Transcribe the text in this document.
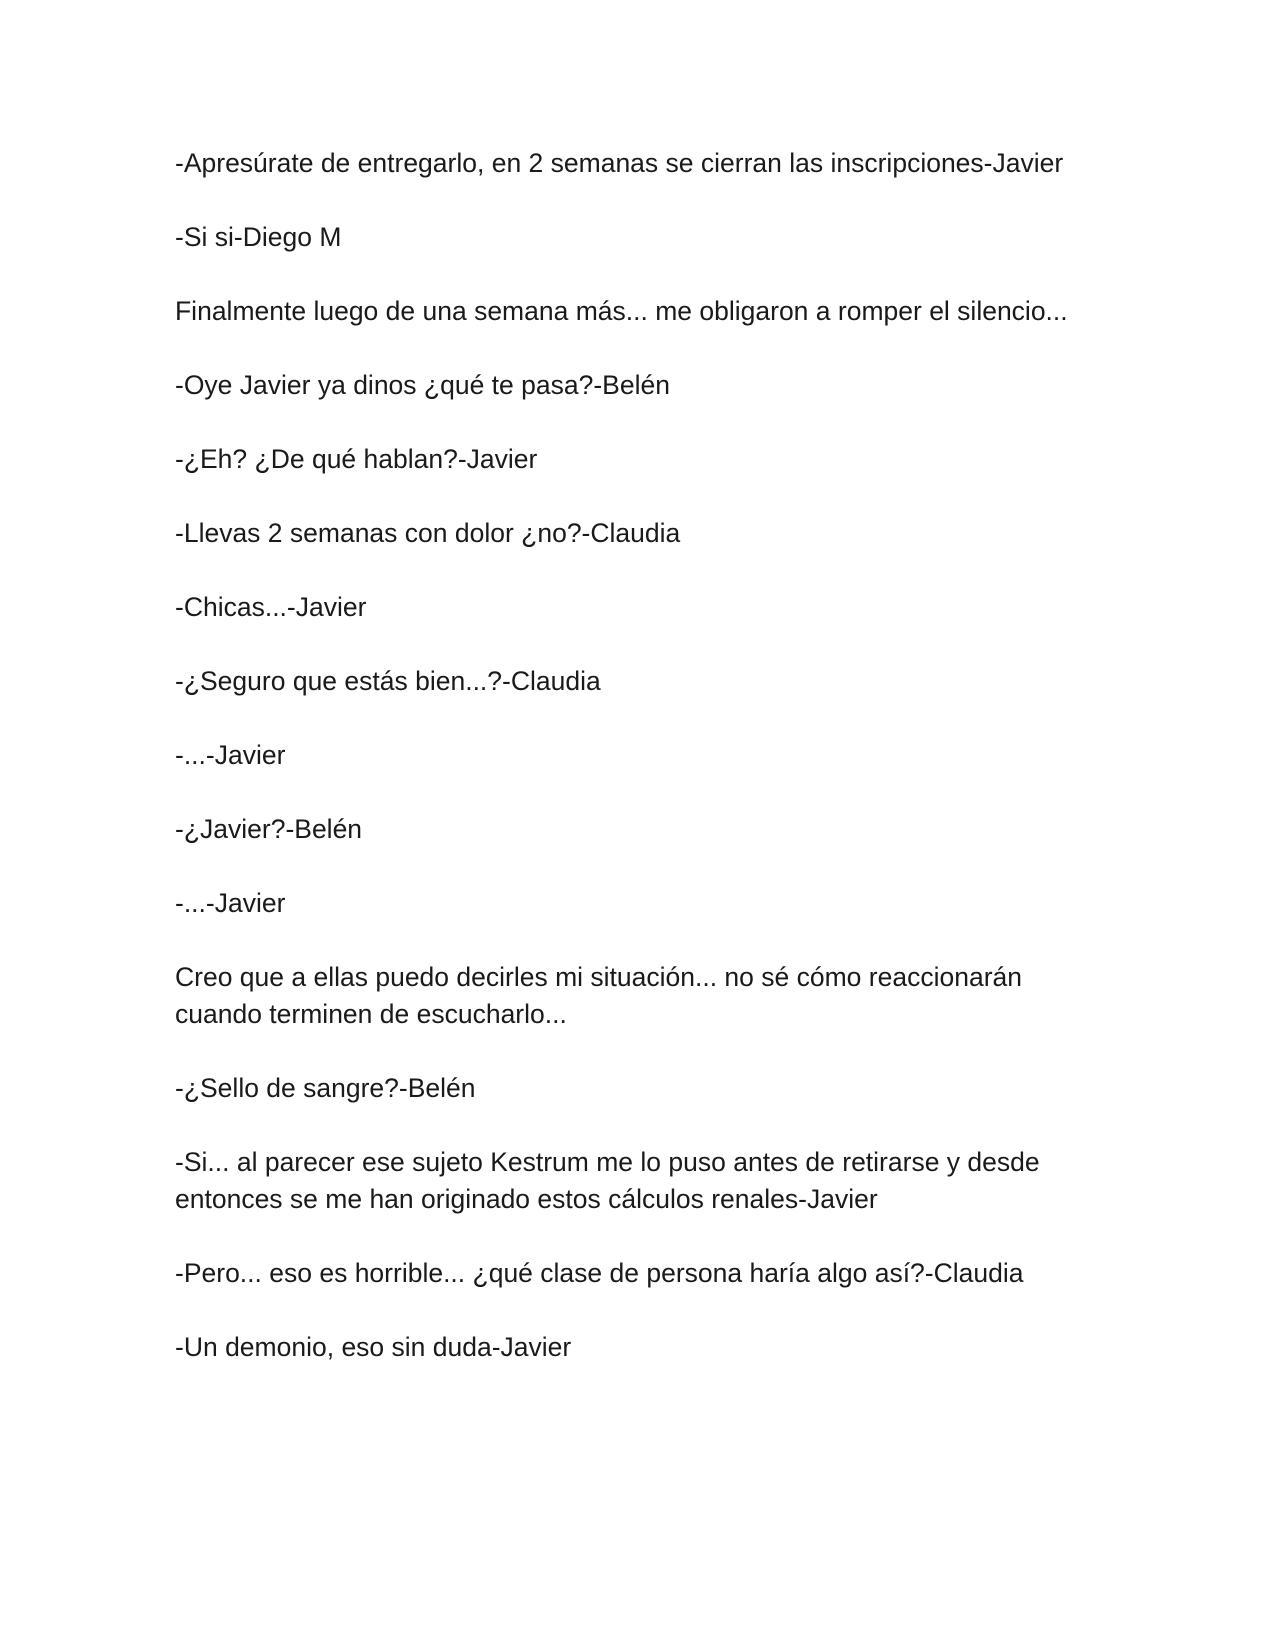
-Apresúrate de entregarlo, en 2 semanas se cierran las inscripciones-Javier

-Si si-Diego M

Finalmente luego de una semana más... me obligaron a romper el silencio...

-Oye Javier ya dinos ¿qué te pasa?-Belén

-¿Eh? ¿De qué hablan?-Javier

-Llevas 2 semanas con dolor ¿no?-Claudia

-Chicas...-Javier

-¿Seguro que estás bien...?-Claudia

-...-Javier

-¿Javier?-Belén

-...-Javier

Creo que a ellas puedo decirles mi situación... no sé cómo reaccionarán cuando terminen de escucharlo...

-¿Sello de sangre?-Belén

-Si... al parecer ese sujeto Kestrum me lo puso antes de retirarse y desde entonces se me han originado estos cálculos renales-Javier

-Pero... eso es horrible... ¿qué clase de persona haría algo así?-Claudia

-Un demonio, eso sin duda-Javier
